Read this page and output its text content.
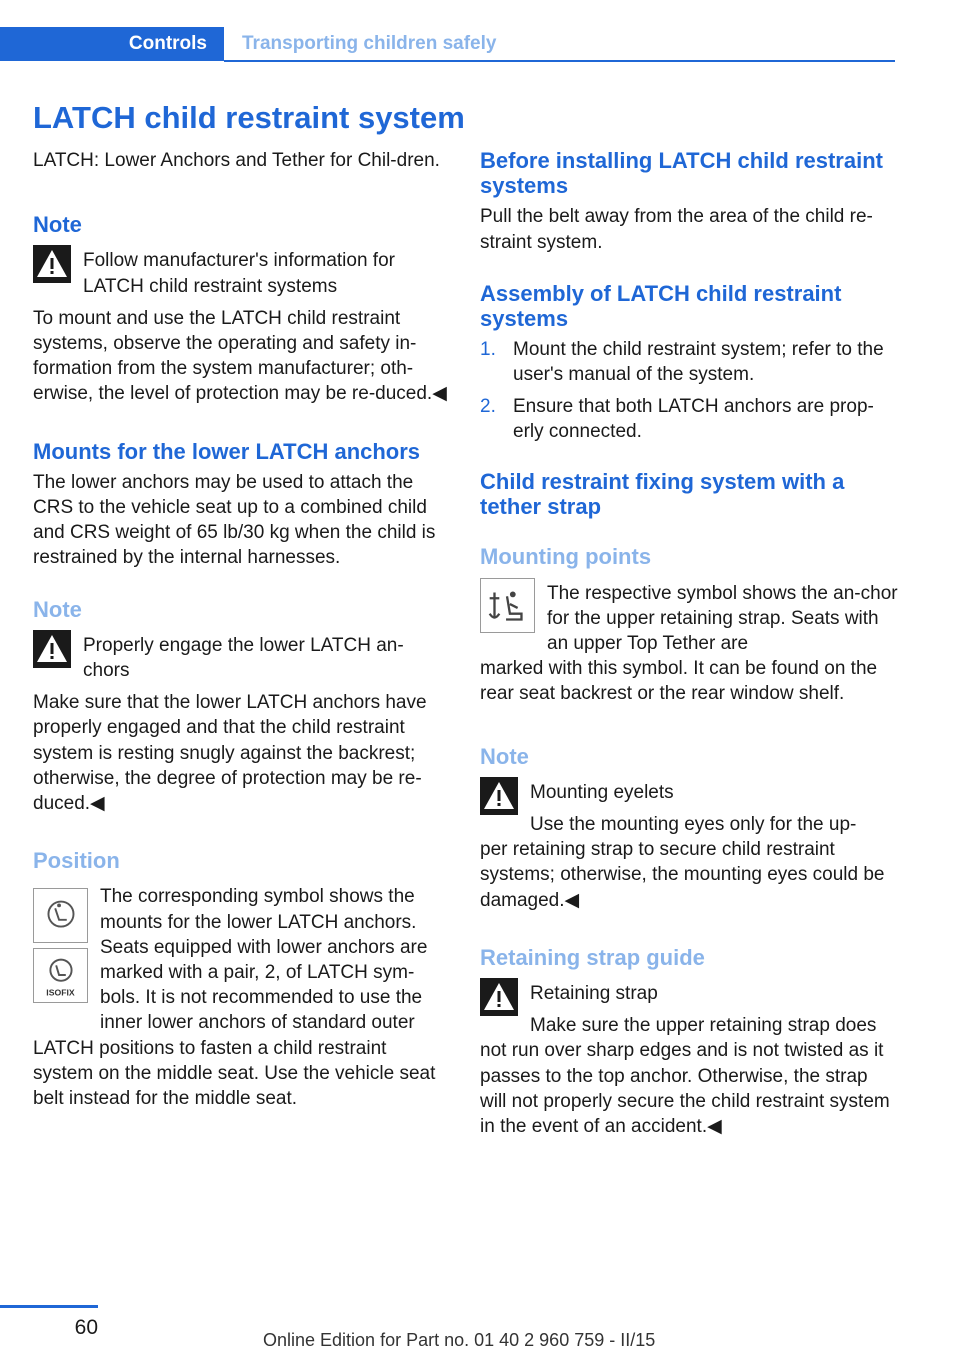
Controls	Transporting children safely
LATCH child restraint system

LATCH: Lower Anchors and Tether for Chil-dren.

Note

Follow manufacturer's information for LATCH child restraint systems

To mount and use the LATCH child restraint systems, observe the operating and safety in-formation from the system manufacturer; oth-erwise, the level of protection may be re-duced.◀

Mounts for the lower LATCH anchors

The lower anchors may be used to attach the CRS to the vehicle seat up to a combined child and CRS weight of 65 lb/30 kg when the child is restrained by the internal harnesses.

Note

Properly engage the lower LATCH an-chors

Make sure that the lower LATCH anchors have properly engaged and that the child restraint system is resting snugly against the backrest; otherwise, the degree of protection may be re-duced.◀

Position
ISOFIX

The corresponding symbol shows the mounts for the lower LATCH anchors. Seats equipped with lower anchors are marked with a pair, 2, of LATCH sym-bols. It is not recommended to use the inner lower anchors of standard outer

LATCH positions to fasten a child restraint system on the middle seat. Use the vehicle seat belt instead for the middle seat.

Before installing LATCH child restraint systems

Pull the belt away from the area of the child re-straint system.

Assembly of LATCH child restraint systems
1. Mount the child restraint system; refer to the user's manual of the system.
2. Ensure that both LATCH anchors are prop-erly connected.
Child restraint fixing system with a tether strap
Mounting points

The respective symbol shows the an-chor for the upper retaining strap. Seats with an upper Top Tether are

marked with this symbol. It can be found on the rear seat backrest or the rear window shelf.

Note

Mounting eyelets

Use the mounting eyes only for the up-

per retaining strap to secure child restraint systems; otherwise, the mounting eyes could be damaged.◀

Retaining strap guide

Retaining strap

Make sure the upper retaining strap does

not run over sharp edges and is not twisted as it passes to the top anchor. Otherwise, the strap will not properly secure the child restraint system in the event of an accident.◀

60
Online Edition for Part no. 01 40 2 960 759 - II/15
